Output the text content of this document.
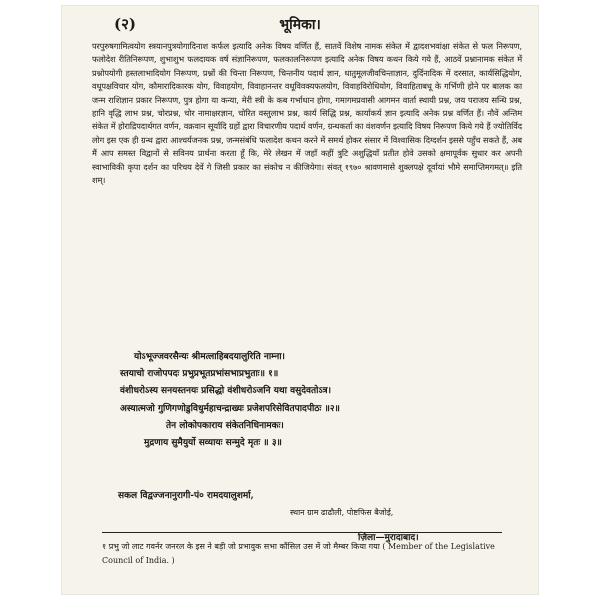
(२)	भूमिका।
परपुरुषगामित्वयोग स्त्रयानपुत्रयोगादिनाश कर्फल इत्यादि अनेक विषय वर्णित हैं, सातवें विशेष नामक संकेत में द्वादशभवांक्षा संकेत से फल निरूपण, फलोदेश रीतिनिरूपण, शुभाशुभ फलदायक वर्ष संज्ञानिरूपण, फलकालनिरूपण इत्यादि अनेक विषय कथन किये गये हैं, आठवें प्रश्नानामक संकेत में प्रश्नोपयोगी हस्तलाभादियोग निरूपण, प्रश्नों की चिन्ता निरूपण, चिन्तनीय पदार्थ ज्ञान, धातुमूलजीवचिन्ताज्ञान, दुर्दिनादिक में दरसात, कार्यसिद्धियोग, वधूपक्षविचार योग, कौमारादिकारक योग, विवाहयोग, विवाहानन्तर वधूविवक्यफलयोग, विवाहविरोधियोग, विवाहिताबधू के गर्भिणी होने पर बालक का जन्म राशिज्ञान प्रकार निरूपण, पुत्र होगा या कन्या, मेरी स्त्री के कब गर्भाधान होगा, गमागमप्रवासी आगमन वार्ता स्थायी प्रश्न, जय पराजय सन्धि प्रश्न, हानि वृद्धि लाभ प्रश्न, चोरप्रश्न, चोर नामाक्षरज्ञान, चोरित वस्तुलाभ प्रश्न, कार्य सिद्धि प्रश्न, कार्याकर्य ज्ञान इत्यादि अनेक प्रश्न वर्णित हैं। नौवें अन्तिम संकेत में होराद्रिपदार्थगत वर्णन, वक्रवान सूर्यादि ग्रहों द्वारा विचारणीय पदार्थ वर्णन, ग्रन्थकर्ता का वंशवर्णन इत्यादि विषय निरूपण किये गये हैं ज्योतिर्विद लोग इस एक ही ग्रन्थ द्वारा आश्चर्यजनक प्रश्न, जन्मसंबंधि फलादेश कथन करने में समर्थ होकर संसार में विश्वासिक दिग्दर्शन इससे पहुँच सकते हैं, अब मैं आप समस्त विद्वानों से सविनय प्रार्थना करता हूँ कि, मेरे लेखन में जहाँ कहीं त्रुटि अशुद्धियाँ प्रतीत होवे उसको क्षमापूर्वक सुधार कर अपनी स्वाभाविकी कृपा दर्शन का परिचय देवें गे जिसी प्रकार का संकोच न कीजियेगा। संवत् १९७० श्रावणमासे शुक्लपक्षे दूर्वायां भौमे समाप्तिमगमत्॥ इति शम्।
योऽभूज्जवरसैन्यः श्रीमत्लाहिबदयालुरिति नाम्ना।
स्तयाचो राजोपपदः प्रभुप्रभूतप्रभांसभाप्रभुताः॥ १॥
वंशीधरोऽस्य सनयस्तनयः प्रसिद्धो वंशीधरोऽजनि यथा वसुदेवतोऽत्र।
अस्यात्मजो गुणिगणोडुविधुर्महाचन्द्राख्यः प्रजेशपरिसेवितपादपीठः ॥२॥
तेन लोकोपकाराय संकेतनिधिनामकः।
मुद्रणाय सुमैयुर्यो सव्यायः सन्मुदे मृतः ॥ ३॥
सकल विद्वज्जनानुरागी-पं० रामदयालुशर्मा,
स्थान ग्राम ढाढौली, पोष्टफिस बैजोई,
ज़िला—मुरादाबाद।
१ प्रभु जो लाट गवर्नर जनरल के इस ने बड़ी जो प्रभावुक सभा कौंसिल उस में जो मैम्बर किया गया ( Member of the Legislative Council of India. )
